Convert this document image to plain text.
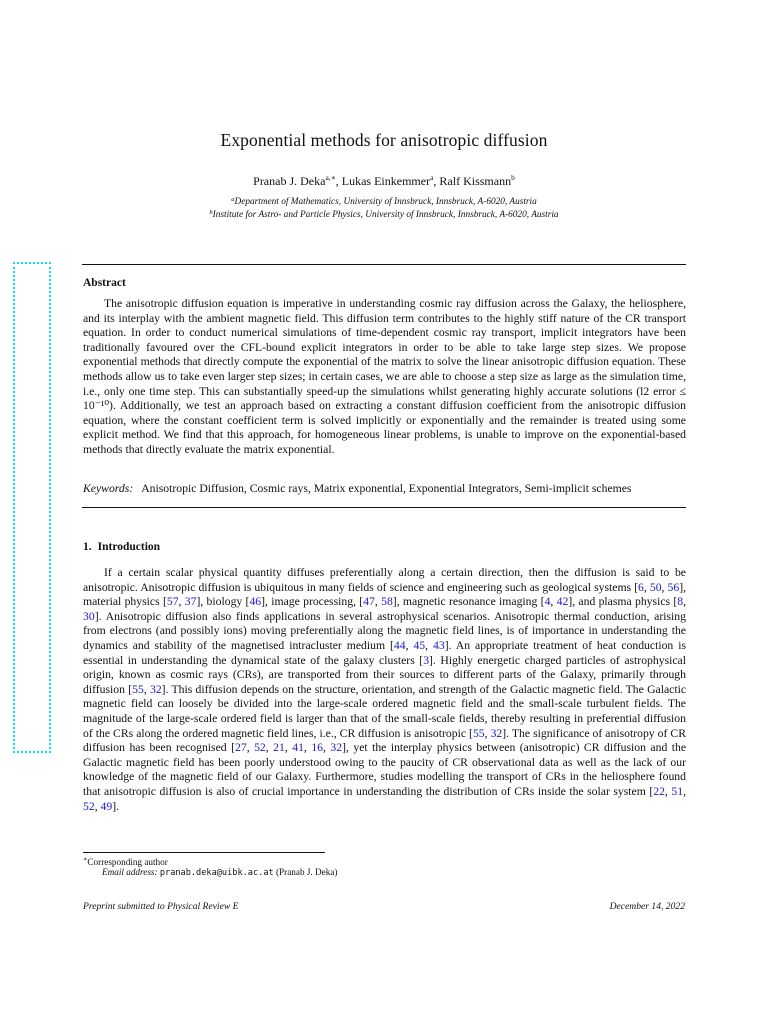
Exponential methods for anisotropic diffusion
Pranab J. Deka$^{a,∗}$, Lukas Einkemmer$^a$, Ralf Kissmann$^b$
$^a$Department of Mathematics, University of Innsbruck, Innsbruck, A-6020, Austria
$^b$Institute for Astro- and Particle Physics, University of Innsbruck, Innsbruck, A-6020, Austria
Abstract
The anisotropic diffusion equation is imperative in understanding cosmic ray diffusion across the Galaxy, the heliosphere, and its interplay with the ambient magnetic field. This diffusion term contributes to the highly stiff nature of the CR transport equation. In order to conduct numerical simulations of time-dependent cosmic ray transport, implicit integrators have been traditionally favoured over the CFL-bound explicit integrators in order to be able to take large step sizes. We propose exponential methods that directly compute the exponential of the matrix to solve the linear anisotropic diffusion equation. These methods allow us to take even larger step sizes; in certain cases, we are able to choose a step size as large as the simulation time, i.e., only one time step. This can substantially speed-up the simulations whilst generating highly accurate solutions (l2 error ≤ 10⁻¹⁰). Additionally, we test an approach based on extracting a constant diffusion coefficient from the anisotropic diffusion equation, where the constant coefficient term is solved implicitly or exponentially and the remainder is treated using some explicit method. We find that this approach, for homogeneous linear problems, is unable to improve on the exponential-based methods that directly evaluate the matrix exponential.
Keywords: Anisotropic Diffusion, Cosmic rays, Matrix exponential, Exponential Integrators, Semi-implicit schemes
1. Introduction
If a certain scalar physical quantity diffuses preferentially along a certain direction, then the diffusion is said to be anisotropic. Anisotropic diffusion is ubiquitous in many fields of science and engineering such as geological systems [6, 50, 56], material physics [57, 37], biology [46], image processing, [47, 58], magnetic resonance imaging [4, 42], and plasma physics [8, 30]. Anisotropic diffusion also finds applications in several astrophysical scenarios. Anisotropic thermal conduction, arising from electrons (and possibly ions) moving preferentially along the magnetic field lines, is of importance in understanding the dynamics and stability of the magnetised intracluster medium [44, 45, 43]. An appropriate treatment of heat conduction is essential in understanding the dynamical state of the galaxy clusters [3]. Highly energetic charged particles of astrophysical origin, known as cosmic rays (CRs), are transported from their sources to different parts of the Galaxy, primarily through diffusion [55, 32]. This diffusion depends on the structure, orientation, and strength of the Galactic magnetic field. The Galactic magnetic field can loosely be divided into the large-scale ordered magnetic field and the small-scale turbulent fields. The magnitude of the large-scale ordered field is larger than that of the small-scale fields, thereby resulting in preferential diffusion of the CRs along the ordered magnetic field lines, i.e., CR diffusion is anisotropic [55, 32]. The significance of anisotropy of CR diffusion has been recognised [27, 52, 21, 41, 16, 32], yet the interplay physics between (anisotropic) CR diffusion and the Galactic magnetic field has been poorly understood owing to the paucity of CR observational data as well as the lack of our knowledge of the magnetic field of our Galaxy. Furthermore, studies modelling the transport of CRs in the heliosphere found that anisotropic diffusion is also of crucial importance in understanding the distribution of CRs inside the solar system [22, 51, 52, 49].
∗Corresponding author
Email address: pranab.deka@uibk.ac.at (Pranab J. Deka)
Preprint submitted to Physical Review E	December 14, 2022
